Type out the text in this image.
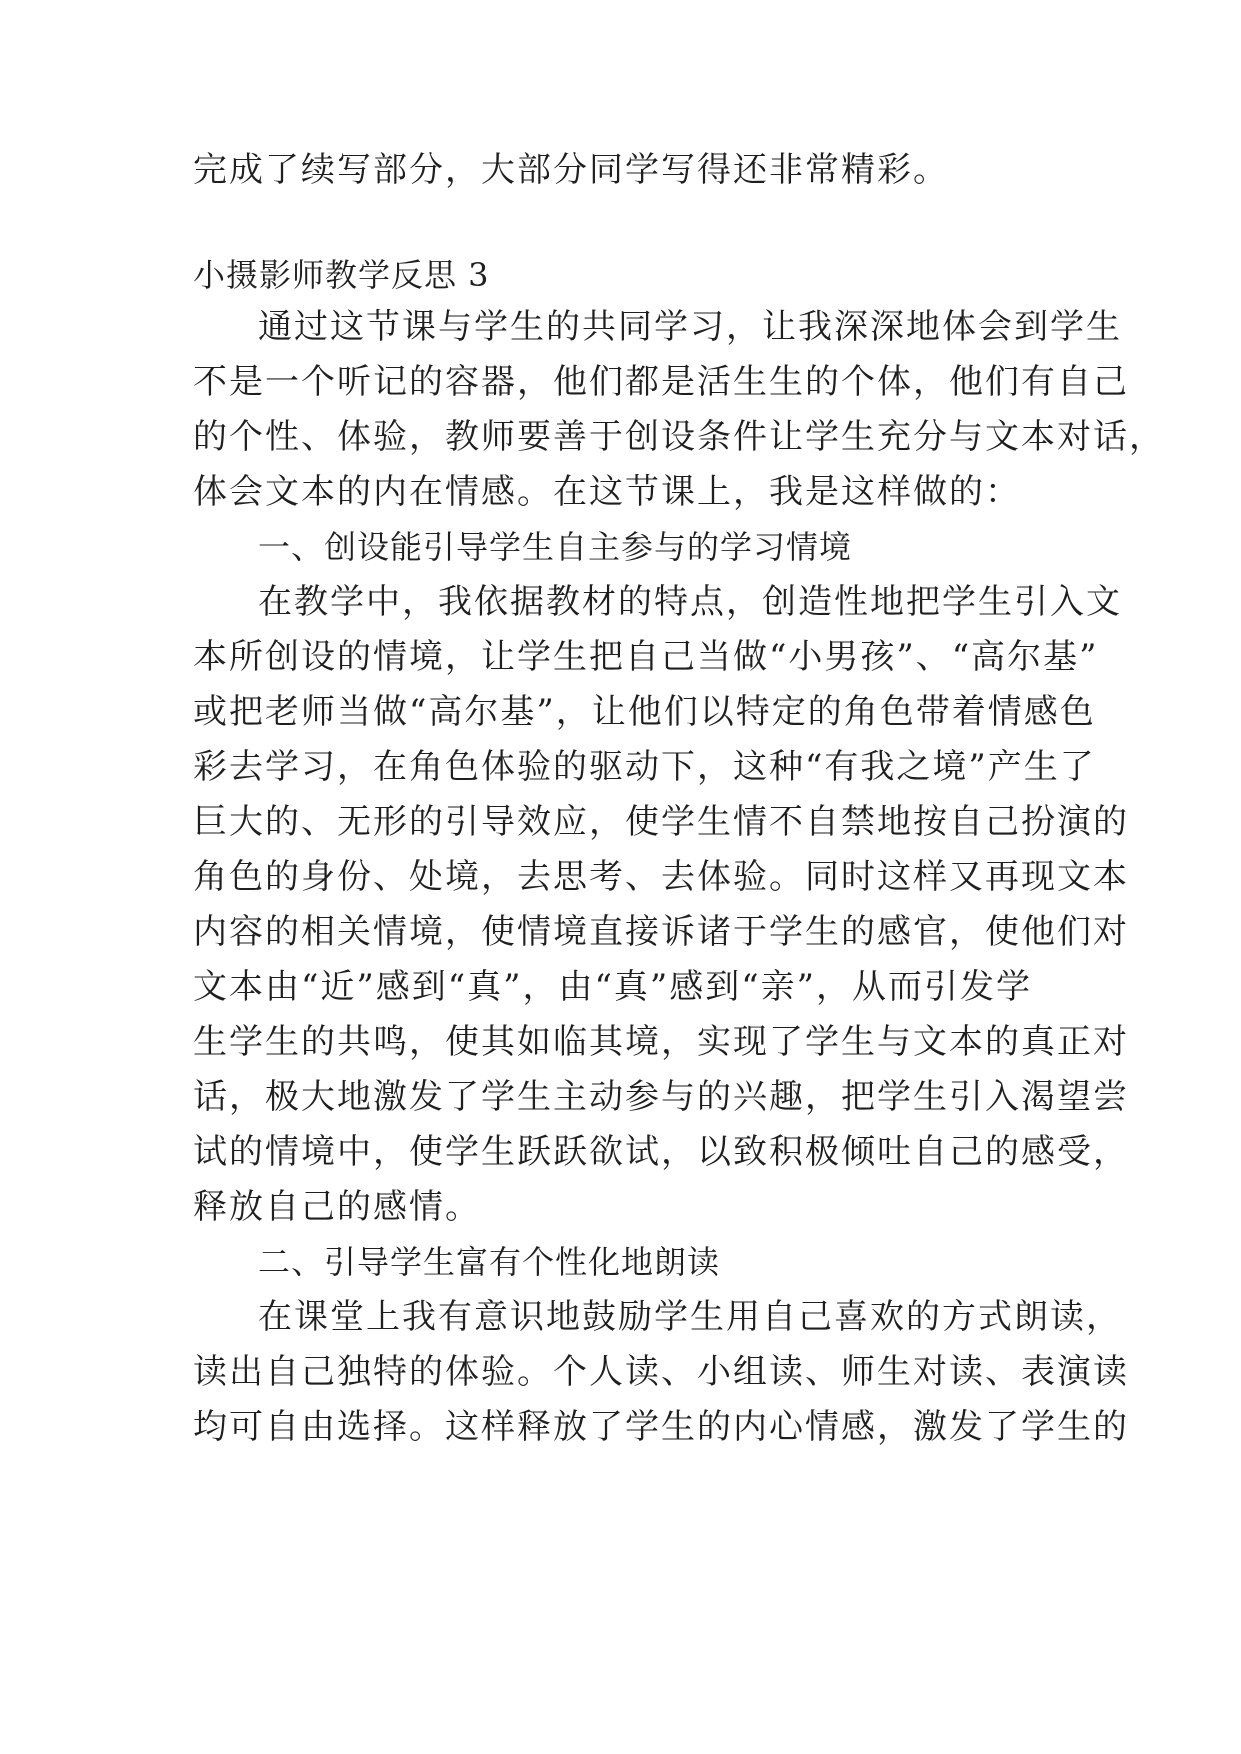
完成了续写部分，大部分同学写得还非常精彩。
小摄影师教学反思 3
通过这节课与学生的共同学习，让我深深地体会到学生
不是一个听记的容器，他们都是活生生的个体，他们有自己
的个性、体验，教师要善于创设条件让学生充分与文本对话，
体会文本的内在情感。在这节课上，我是这样做的：
一、创设能引导学生自主参与的学习情境
在教学中，我依据教材的特点，创造性地把学生引入文
本所创设的情境，让学生把自己当做“小男孩”、“高尔基”
或把老师当做“高尔基”，让他们以特定的角色带着情感色
彩去学习，在角色体验的驱动下，这种“有我之境”产生了
巨大的、无形的引导效应，使学生情不自禁地按自己扮演的
角色的身份、处境，去思考、去体验。同时这样又再现文本
内容的相关情境，使情境直接诉诸于学生的感官，使他们对
文本由“近”感到“真”，由“真”感到“亲”，从而引发学
生学生的共鸣，使其如临其境，实现了学生与文本的真正对
话，极大地激发了学生主动参与的兴趣，把学生引入渴望尝
试的情境中，使学生跃跃欲试，以致积极倾吐自己的感受，
释放自己的感情。
二、引导学生富有个性化地朗读
在课堂上我有意识地鼓励学生用自己喜欢的方式朗读，
读出自己独特的体验。个人读、小组读、师生对读、表演读
均可自由选择。这样释放了学生的内心情感，激发了学生的
